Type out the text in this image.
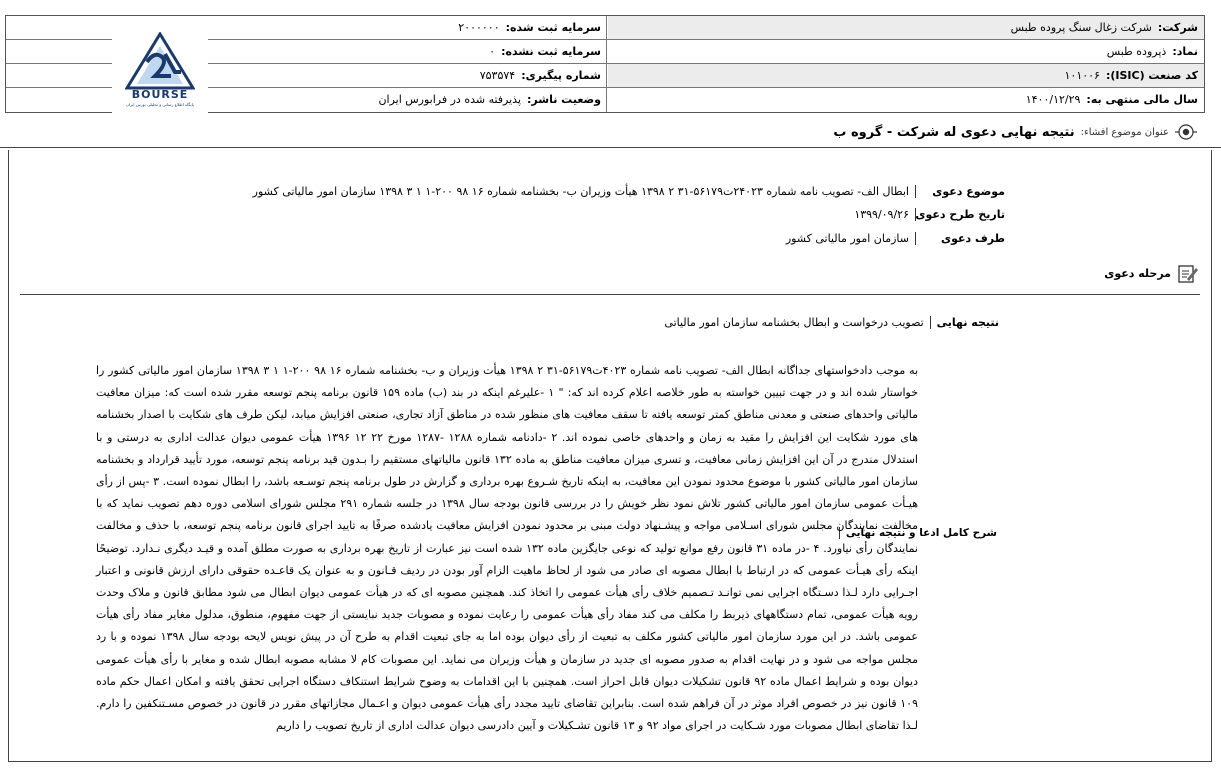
شرکت:
شرکت زغال سنگ پروده طبس
سرمایه ثبت شده:
۲۰۰۰۰۰۰
نماد:
ذپروده طبس
سرمایه ثبت نشده:
۰
کد صنعت (ISIC):
۱۰۱۰۰۶
شماره پیگیری:
۷۵۳۵۷۴
سال مالی منتهی به:
۱۴۰۰/۱۲/۲۹
وضعیت ناشر:
پذیرفته شده در فرابورس ایران
BOURSE
پایگاه اطلاع رسانی و تحلیلی بورس ایران
عنوان موضوع افشاء:
نتیجه نهایی دعوی له شرکت - گروه ب
موضوع دعوی
ابطال الف- تصویب نامه شماره ۲۴۰۲۳ت۵۶۱۷۹-۳۱ ۲ ۱۳۹۸ هیأت وزیران ب- بخشنامه شماره ۱۶ ۹۸ ۲۰۰-۱ ۱ ۳ ۱۳۹۸ سازمان امور مالیاتی کشور
تاریخ طرح دعوی
۱۳۹۹/۰۹/۲۶
طرف دعوی
سازمان امور مالیاتی کشور
مرحله دعوی
نتیجه نهایی
تصویب درخواست و ابطال بخشنامه سازمان امور مالیاتی
شرح کامل ادعا و نتیجه نهایی
به موجب دادخواستهای جداگانه ابطال الف- تصویب نامه شماره ۴۰۲۳ت۵۶۱۷۹-۳۱ ۲ ۱۳۹۸ هیأت وزیران و ب- بخشنامه شماره ۱۶ ۹۸ ۲۰۰-۱ ۱ ۳ ۱۳۹۸ سازمان امور مالیاتی کشور را خواستار شده اند و در جهت تبیین خواسته به طور خلاصه اعلام کرده اند که: " ۱ -علیرغم اینکه در بند (ب) ماده ۱۵۹ قانون برنامه پنجم توسعه مقرر شده است که: میزان معافیت مالیاتی واحدهای صنعتی و معدنی مناطق کمتر توسعه یافته تا سقف معافیت های منظور شده در مناطق آزاد تجاری، صنعتی افزایش میابد، لیکن طرف های شکایت با اصدار بخشنامه های مورد شکایت این افزایش را مقید به زمان و واحدهای خاصی نموده اند. ۲ -دادنامه شماره ۱۲۸۸ -۱۲۸۷ مورخ ۲۲ ۱۲ ۱۳۹۶ هیأت عمومی دیوان عدالت اداری به درستی و با استدلال مندرج در آن این افزایش زمانی معافیت، و تسری میزان معافیت مناطق به ماده ۱۳۲ قانون مالیاتهای مستقیم را بـدون قید برنامه پنجم توسعه، مورد تأیید قرارداد و بخشنامه سازمان امور مالیاتی کشور با موضوع محدود نمودن این معافیت، به اینکه تاریخ شـروع بهره برداری و گزارش در طول برنامه پنجم توسـعه باشد، را ابطال نموده است. ۳ -پس از رأی هیـأت عمومی سازمان امور مالیاتی کشور تلاش نمود نظر خویش را در بررسی قانون بودجه سال ۱۳۹۸ در جلسه شماره ۲۹۱ مجلس شورای اسلامی دوره دهم تصویب نماید که با مخالفت نمایندگان مجلس شورای اسـلامی مواجه و پیشـنهاد دولت مبنی بر محدود نمودن افزایش معافیت یادشده صرفًا به تایید اجرای قانون برنامه پنجم توسعه، با حذف و مخالفت نمایندگان رأی نیاورد. ۴ -در ماده ۳۱ قانون رفع موانع تولید که نوعی جایگزین ماده ۱۳۲ شده است نیز عبارت از تاریخ بهره برداری به صورت مطلق آمده و قیـد دیگری نـدارد. توضیحًا اینکه رأی هیـأت عمومی که در ارتباط با ابطال مصوبه ای صادر می شود از لحاظ ماهیت الزام آور بودن در ردیف قـانون و به عنوان یک قاعـده حقوقی دارای ارزش قانونی و اعتبار اجـرایی دارد لـذا دسـتگاه اجرایی نمی توانـد تـصمیم خلاف رأی هیأت عمومی را اتخاذ کند. همچنین مصوبه ای که در هیأت عمومی دیوان ابطال می شود مطابق قانون و ملاک وحدت رویه هیأت عمومی، تمام دستگاههای ذیربط را مکلف می کند مفاد رأی هیأت عمومی را رعایت نموده و مصوبات جدید نبایستی از جهت مفهوم، منطوق، مدلول مغایر مفاد رأی هیأت عمومی باشد. در این مورد سازمان امور مالیاتی کشور مکلف به تبعیت از رأی دیوان بوده اما به جای تبعیت اقدام به طرح آن در پیش نویس لایحه بودجه سال ۱۳۹۸ نموده و با رد مجلس مواجه می شود و در نهایت اقدام به صدور مصوبه ای جدید در سازمان و هیأت وزیران می نماید. این مصوبات کام لا مشابه مصوبه ابطال شده و مغایر با رأی هیأت عمومی دیوان بوده و شرایط اعمال ماده ۹۲ قانون تشکیلات دیوان قابل احراز است. همچنین با این اقدامات به وضوح شرایط استنکاف دستگاه اجرایی تحقق یافته و امکان اعمال حکم ماده ۱۰۹ قانون نیز در خصوص افراد موثر در آن فراهم شده است. بنابراین تقاضای تایید مجدد رأی هیأت عمومی دیوان و اعـمال مجازاتهای مقرر در قانون در خصوص مسـتنکفین را دارم. لـذا تقاضای ابطال مصوبات مورد شـکایت در اجرای مواد ۹۲ و ۱۳ قانون تشـکیلات و آیین دادرسی دیوان عدالت اداری از تاریخ تصویب را داریم
